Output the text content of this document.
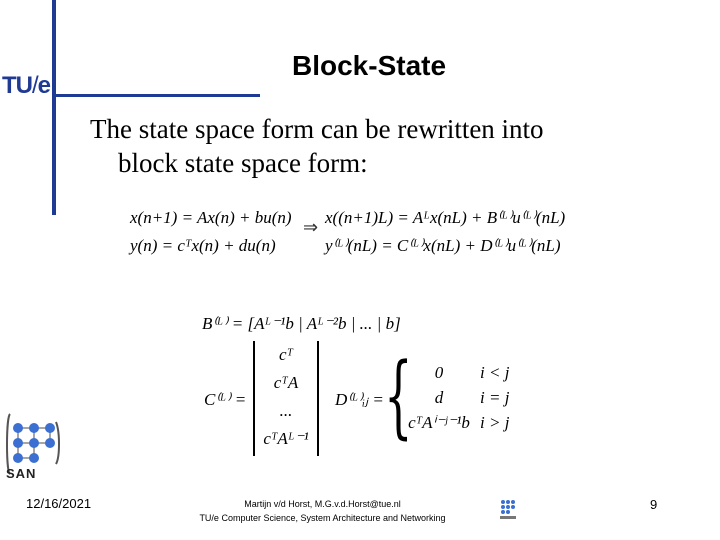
TU/e
Block-State
The state space form can be rewritten into
block state space form:
x(n+1) = Ax(n) + bu(n)
y(n) = cᵀx(n) + du(n)
⇒ x((n+1)L) = Aᴸx(nL) + B⁽ᴸ⁾u⁽ᴸ⁾(nL)
y⁽ᴸ⁾(nL) = C⁽ᴸ⁾x(nL) + D⁽ᴸ⁾u⁽ᴸ⁾(nL)
B⁽ᴸ⁾ = [Aᴸ⁻¹b | Aᴸ⁻²b | ... | b]
C⁽ᴸ⁾ =
cᵀ
cᵀA
...
cᵀAᴸ⁻¹
D⁽ᴸ⁾ᵢⱼ = {	0	i < j
d	i = j
cᵀAⁱ⁻ʲ⁻¹b i > j
SAN
12/16/2021	Martijn v/d Horst, M.G.v.d.Horst@tue.nl
TU/e Computer Science, System Architecture and Networking
9
